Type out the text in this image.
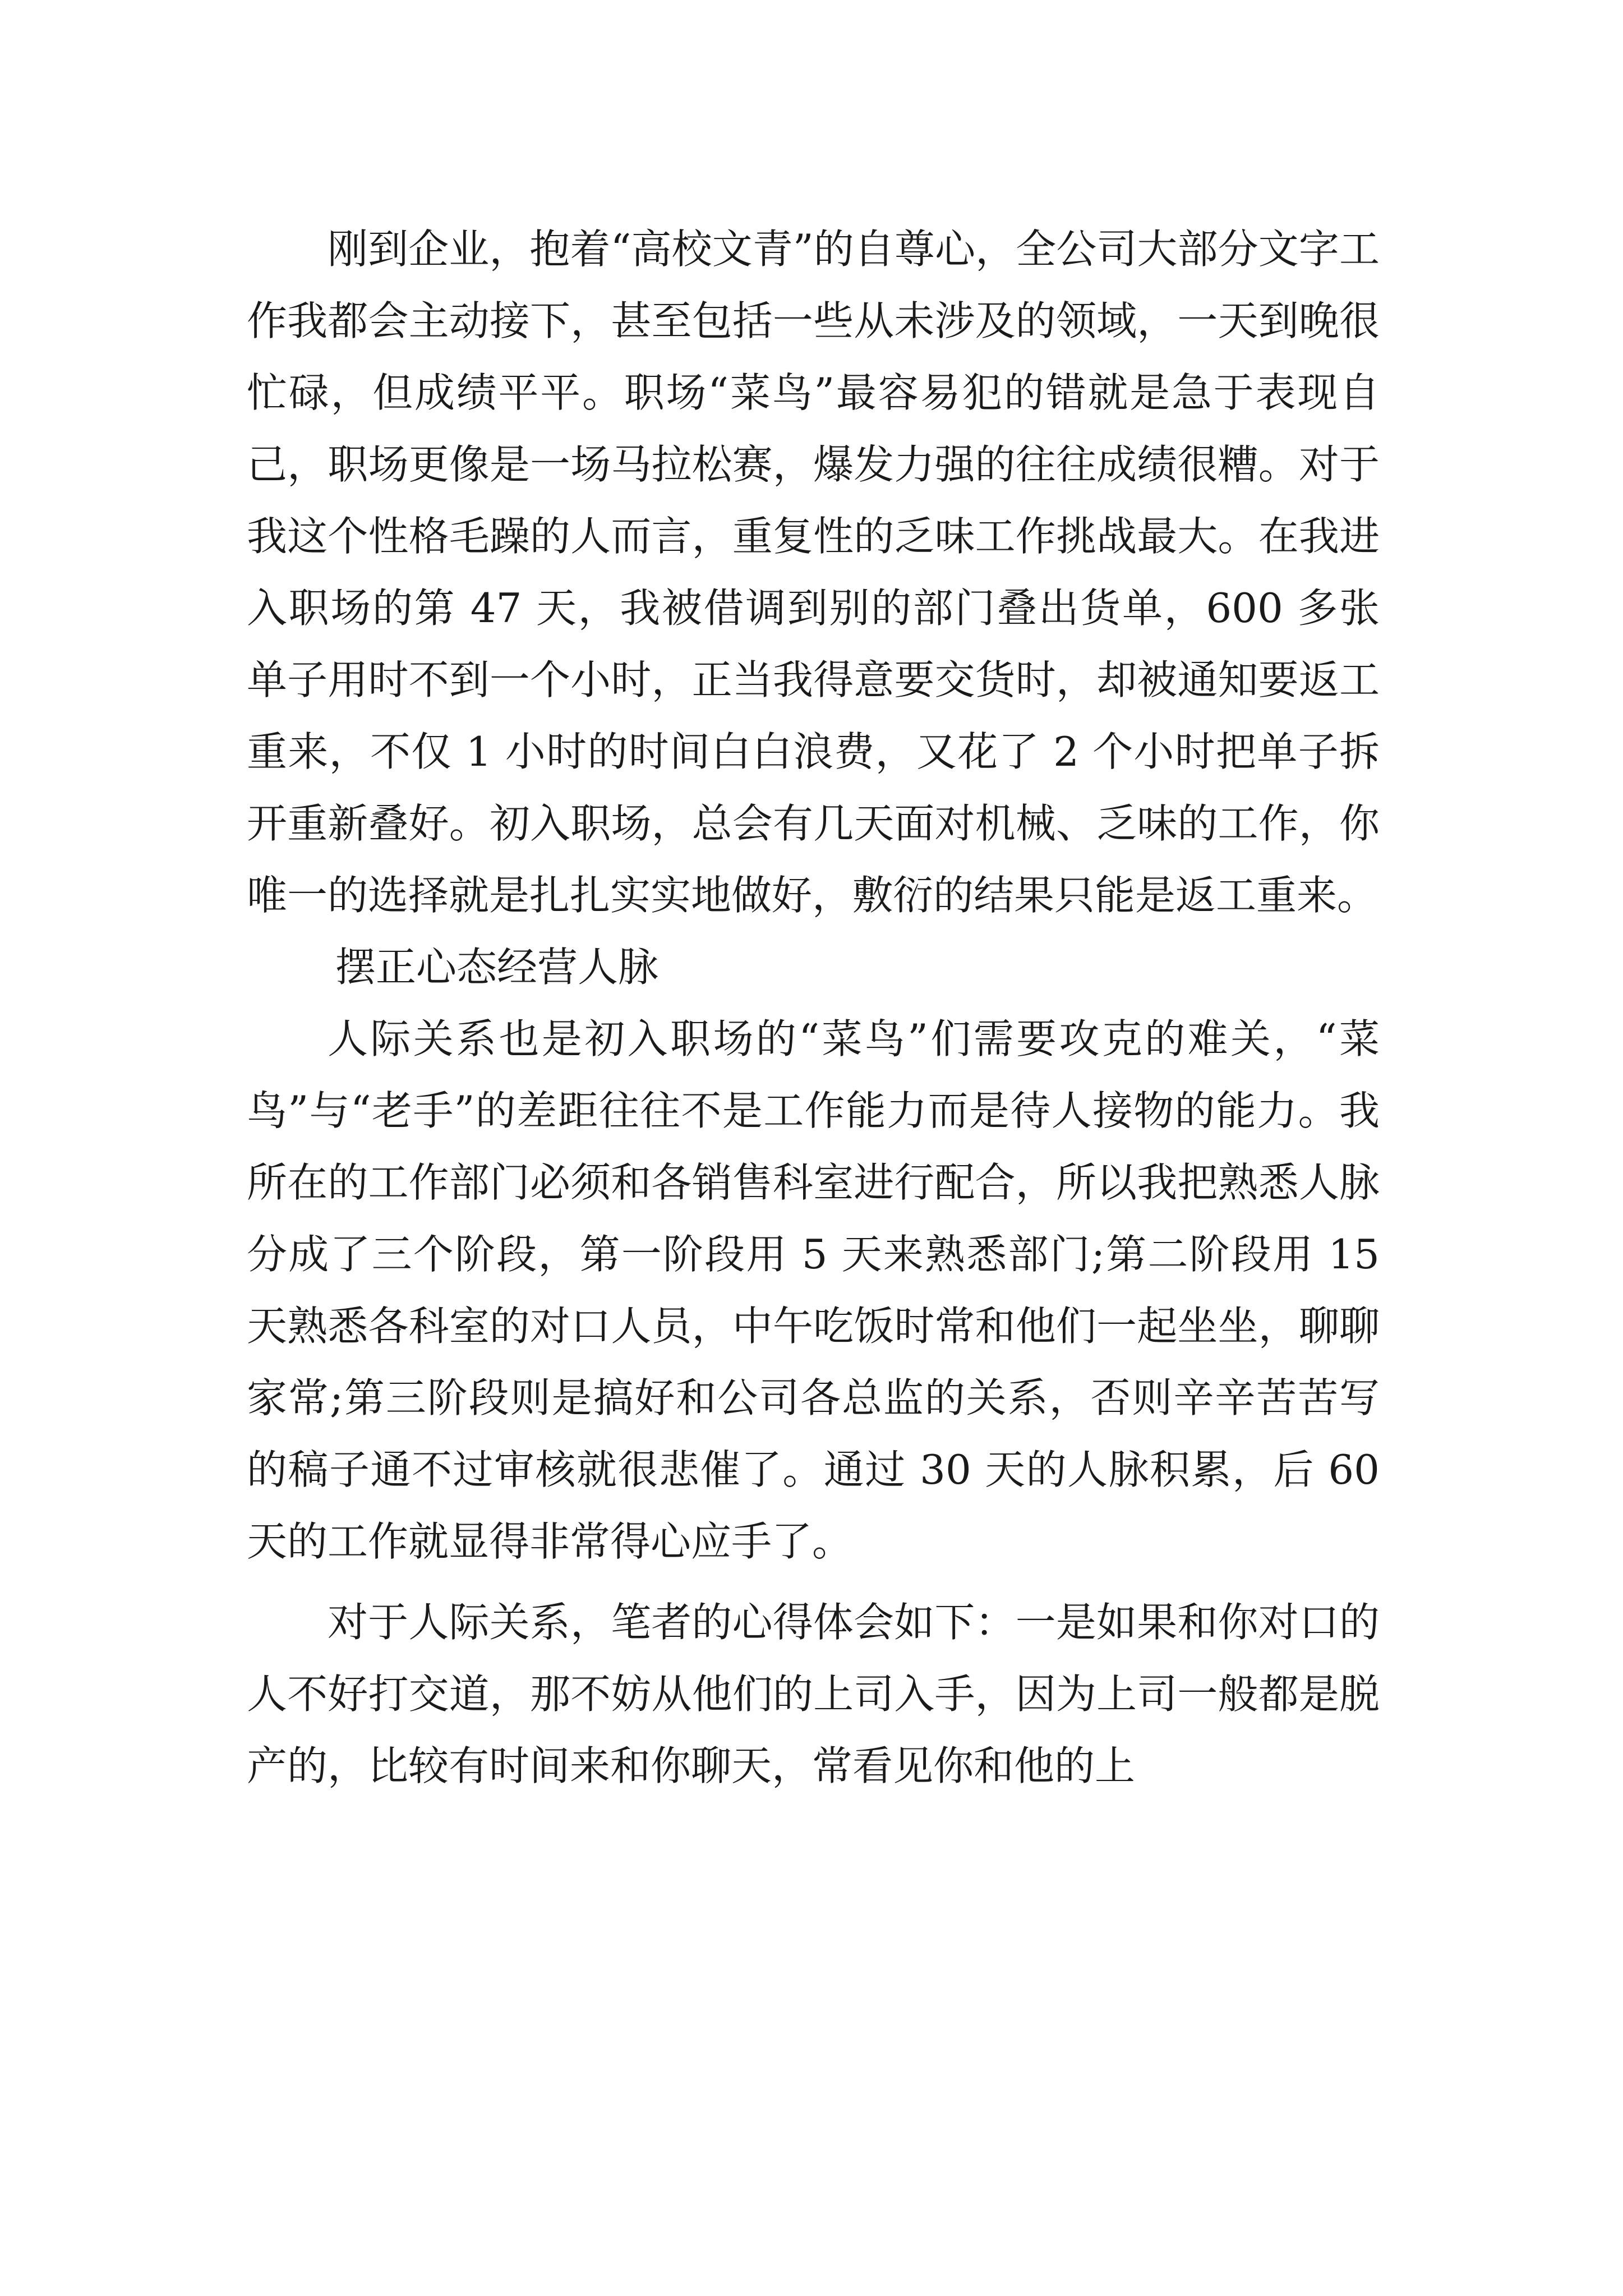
刚到企业，抱着“高校文青”的自尊心，全公司大部分文字工作我都会主动接下，甚至包括一些从未涉及的领域，一天到晚很忙碌，但成绩平平。职场“菜鸟”最容易犯的错就是急于表现自己，职场更像是一场马拉松赛，爆发力强的往往成绩很糟。对于我这个性格毛躁的人而言，重复性的乏味工作挑战最大。在我进入职场的第 47 天，我被借调到别的部门叠出货单，600 多张单子用时不到一个小时，正当我得意要交货时，却被通知要返工重来，不仅 1 小时的时间白白浪费，又花了 2 个小时把单子拆开重新叠好。初入职场，总会有几天面对机械、乏味的工作，你唯一的选择就是扎扎实实地做好，敷衍的结果只能是返工重来。

摆正心态经营人脉

人际关系也是初入职场的“菜鸟”们需要攻克的难关，“菜鸟”与“老手”的差距往往不是工作能力而是待人接物的能力。我所在的工作部门必须和各销售科室进行配合，所以我把熟悉人脉分成了三个阶段，第一阶段用 5 天来熟悉部门;第二阶段用 15 天熟悉各科室的对口人员，中午吃饭时常和他们一起坐坐，聊聊家常;第三阶段则是搞好和公司各总监的关系，否则辛辛苦苦写的稿子通不过审核就很悲催了。通过 30 天的人脉积累，后 60 天的工作就显得非常得心应手了。

对于人际关系，笔者的心得体会如下：一是如果和你对口的人不好打交道，那不妨从他们的上司入手，因为上司一般都是脱产的，比较有时间来和你聊天，常看见你和他的上
